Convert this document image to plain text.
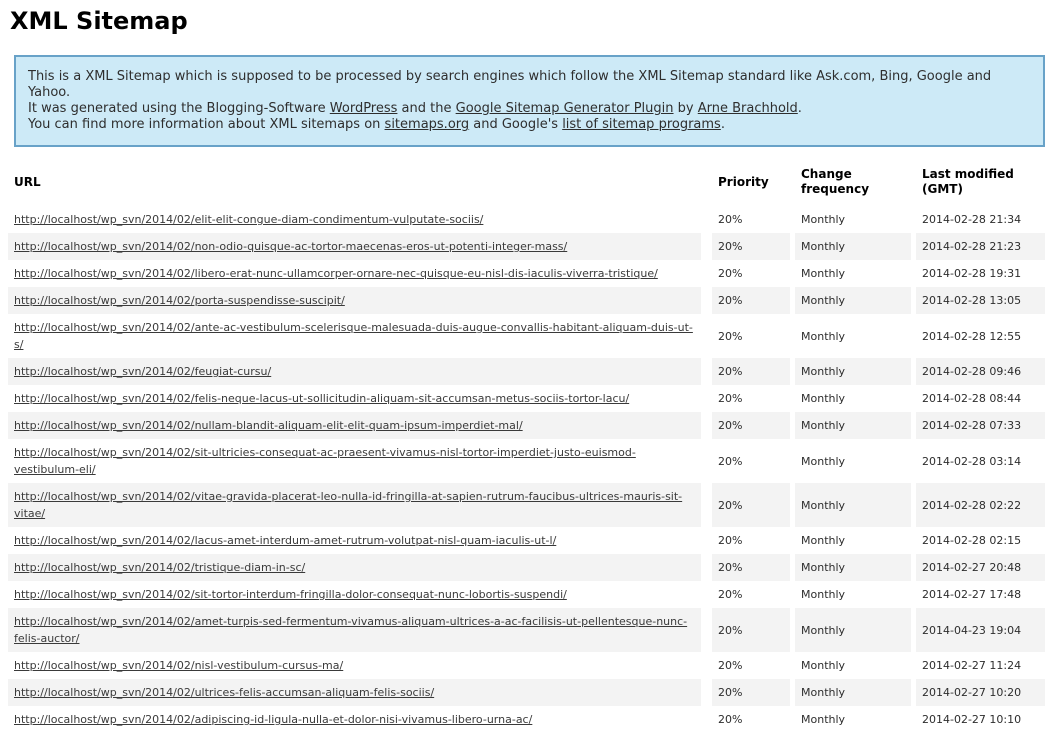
XML Sitemap
This is a XML Sitemap which is supposed to be processed by search engines which follow the XML Sitemap standard like Ask.com, Bing, Google and Yahoo.
It was generated using the Blogging-Software WordPress and the Google Sitemap Generator Plugin by Arne Brachhold.
You can find more information about XML sitemaps on sitemaps.org and Google's list of sitemap programs.
URL	Priority	Change frequency	Last modified (GMT)
http://localhost/wp_svn/2014/02/elit-elit-congue-diam-condimentum-vulputate-sociis/	20%	Monthly	2014-02-28 21:34
http://localhost/wp_svn/2014/02/non-odio-quisque-ac-tortor-maecenas-eros-ut-potenti-integer-mass/	20%	Monthly	2014-02-28 21:23
http://localhost/wp_svn/2014/02/libero-erat-nunc-ullamcorper-ornare-nec-quisque-eu-nisl-dis-iaculis-viverra-tristique/	20%	Monthly	2014-02-28 19:31
http://localhost/wp_svn/2014/02/porta-suspendisse-suscipit/	20%	Monthly	2014-02-28 13:05
http://localhost/wp_svn/2014/02/ante-ac-vestibulum-scelerisque-malesuada-duis-augue-convallis-habitant-aliquam-duis-ut-s/	20%	Monthly	2014-02-28 12:55
http://localhost/wp_svn/2014/02/feugiat-cursu/	20%	Monthly	2014-02-28 09:46
http://localhost/wp_svn/2014/02/felis-neque-lacus-ut-sollicitudin-aliquam-sit-accumsan-metus-sociis-tortor-lacu/	20%	Monthly	2014-02-28 08:44
http://localhost/wp_svn/2014/02/nullam-blandit-aliquam-elit-elit-quam-ipsum-imperdiet-mal/	20%	Monthly	2014-02-28 07:33
http://localhost/wp_svn/2014/02/sit-ultricies-consequat-ac-praesent-vivamus-nisl-tortor-imperdiet-justo-euismod-vestibulum-eli/	20%	Monthly	2014-02-28 03:14
http://localhost/wp_svn/2014/02/vitae-gravida-placerat-leo-nulla-id-fringilla-at-sapien-rutrum-faucibus-ultrices-mauris-sit-vitae/	20%	Monthly	2014-02-28 02:22
http://localhost/wp_svn/2014/02/lacus-amet-interdum-amet-rutrum-volutpat-nisl-quam-iaculis-ut-l/	20%	Monthly	2014-02-28 02:15
http://localhost/wp_svn/2014/02/tristique-diam-in-sc/	20%	Monthly	2014-02-27 20:48
http://localhost/wp_svn/2014/02/sit-tortor-interdum-fringilla-dolor-consequat-nunc-lobortis-suspendi/	20%	Monthly	2014-02-27 17:48
http://localhost/wp_svn/2014/02/amet-turpis-sed-fermentum-vivamus-aliquam-ultrices-a-ac-facilisis-ut-pellentesque-nunc-felis-auctor/	20%	Monthly	2014-04-23 19:04
http://localhost/wp_svn/2014/02/nisl-vestibulum-cursus-ma/	20%	Monthly	2014-02-27 11:24
http://localhost/wp_svn/2014/02/ultrices-felis-accumsan-aliquam-felis-sociis/	20%	Monthly	2014-02-27 10:20
http://localhost/wp_svn/2014/02/adipiscing-id-ligula-nulla-et-dolor-nisi-vivamus-libero-urna-ac/	20%	Monthly	2014-02-27 10:10
